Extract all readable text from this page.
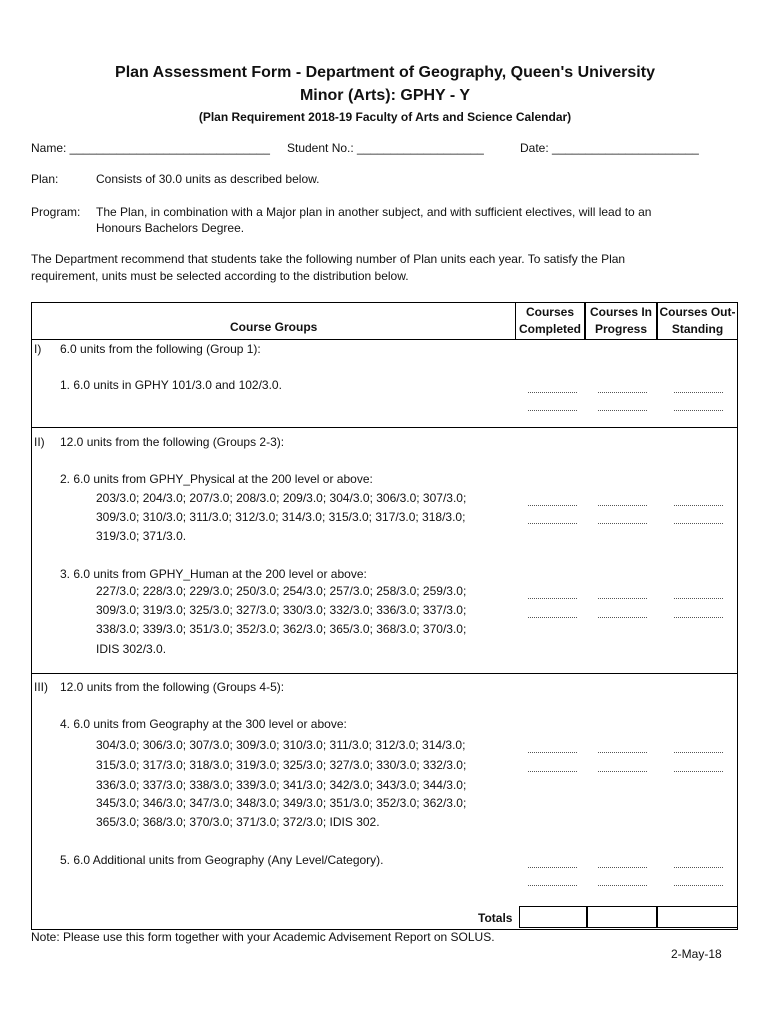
Plan Assessment Form - Department of Geography, Queen's University
Minor (Arts): GPHY - Y
(Plan Requirement 2018-19 Faculty of Arts and Science Calendar)
Name: ______________________________ Student No.: ___________________	Date: ______________________
Plan:	Consists of 30.0 units as described below.
Program: The Plan, in combination with a Major plan in another subject, and with sufficient electives, will lead to an
Honours Bachelors Degree.
The Department recommend that students take the following number of Plan units each year. To satisfy the Plan
requirement, units must be selected according to the distribution below.
Course Groups
Courses
Completed
Courses In
Progress
Courses Out-
Standing
I) 6.0 units from the following (Group 1):
1. 6.0 units in GPHY 101/3.0 and 102/3.0.
II) 12.0 units from the following (Groups 2-3):
2. 6.0 units from GPHY_Physical at the 200 level or above:
203/3.0; 204/3.0; 207/3.0; 208/3.0; 209/3.0; 304/3.0; 306/3.0; 307/3.0;
309/3.0; 310/3.0; 311/3.0; 312/3.0; 314/3.0; 315/3.0; 317/3.0; 318/3.0;
319/3.0; 371/3.0.
3. 6.0 units from GPHY_Human at the 200 level or above:
227/3.0; 228/3.0; 229/3.0; 250/3.0; 254/3.0; 257/3.0; 258/3.0; 259/3.0;
309/3.0; 319/3.0; 325/3.0; 327/3.0; 330/3.0; 332/3.0; 336/3.0; 337/3.0;
338/3.0; 339/3.0; 351/3.0; 352/3.0; 362/3.0; 365/3.0; 368/3.0; 370/3.0;
IDIS 302/3.0.
III) 12.0 units from the following (Groups 4-5):
4. 6.0 units from Geography at the 300 level or above:
304/3.0; 306/3.0; 307/3.0; 309/3.0; 310/3.0; 311/3.0; 312/3.0; 314/3.0;
315/3.0; 317/3.0; 318/3.0; 319/3.0; 325/3.0; 327/3.0; 330/3.0; 332/3.0;
336/3.0; 337/3.0; 338/3.0; 339/3.0; 341/3.0; 342/3.0; 343/3.0; 344/3.0;
345/3.0; 346/3.0; 347/3.0; 348/3.0; 349/3.0; 351/3.0; 352/3.0; 362/3.0;
365/3.0; 368/3.0; 370/3.0; 371/3.0; 372/3.0; IDIS 302.
5. 6.0 Additional units from Geography (Any Level/Category).
Totals
Note: Please use this form together with your Academic Advisement Report on SOLUS.
2-May-18
